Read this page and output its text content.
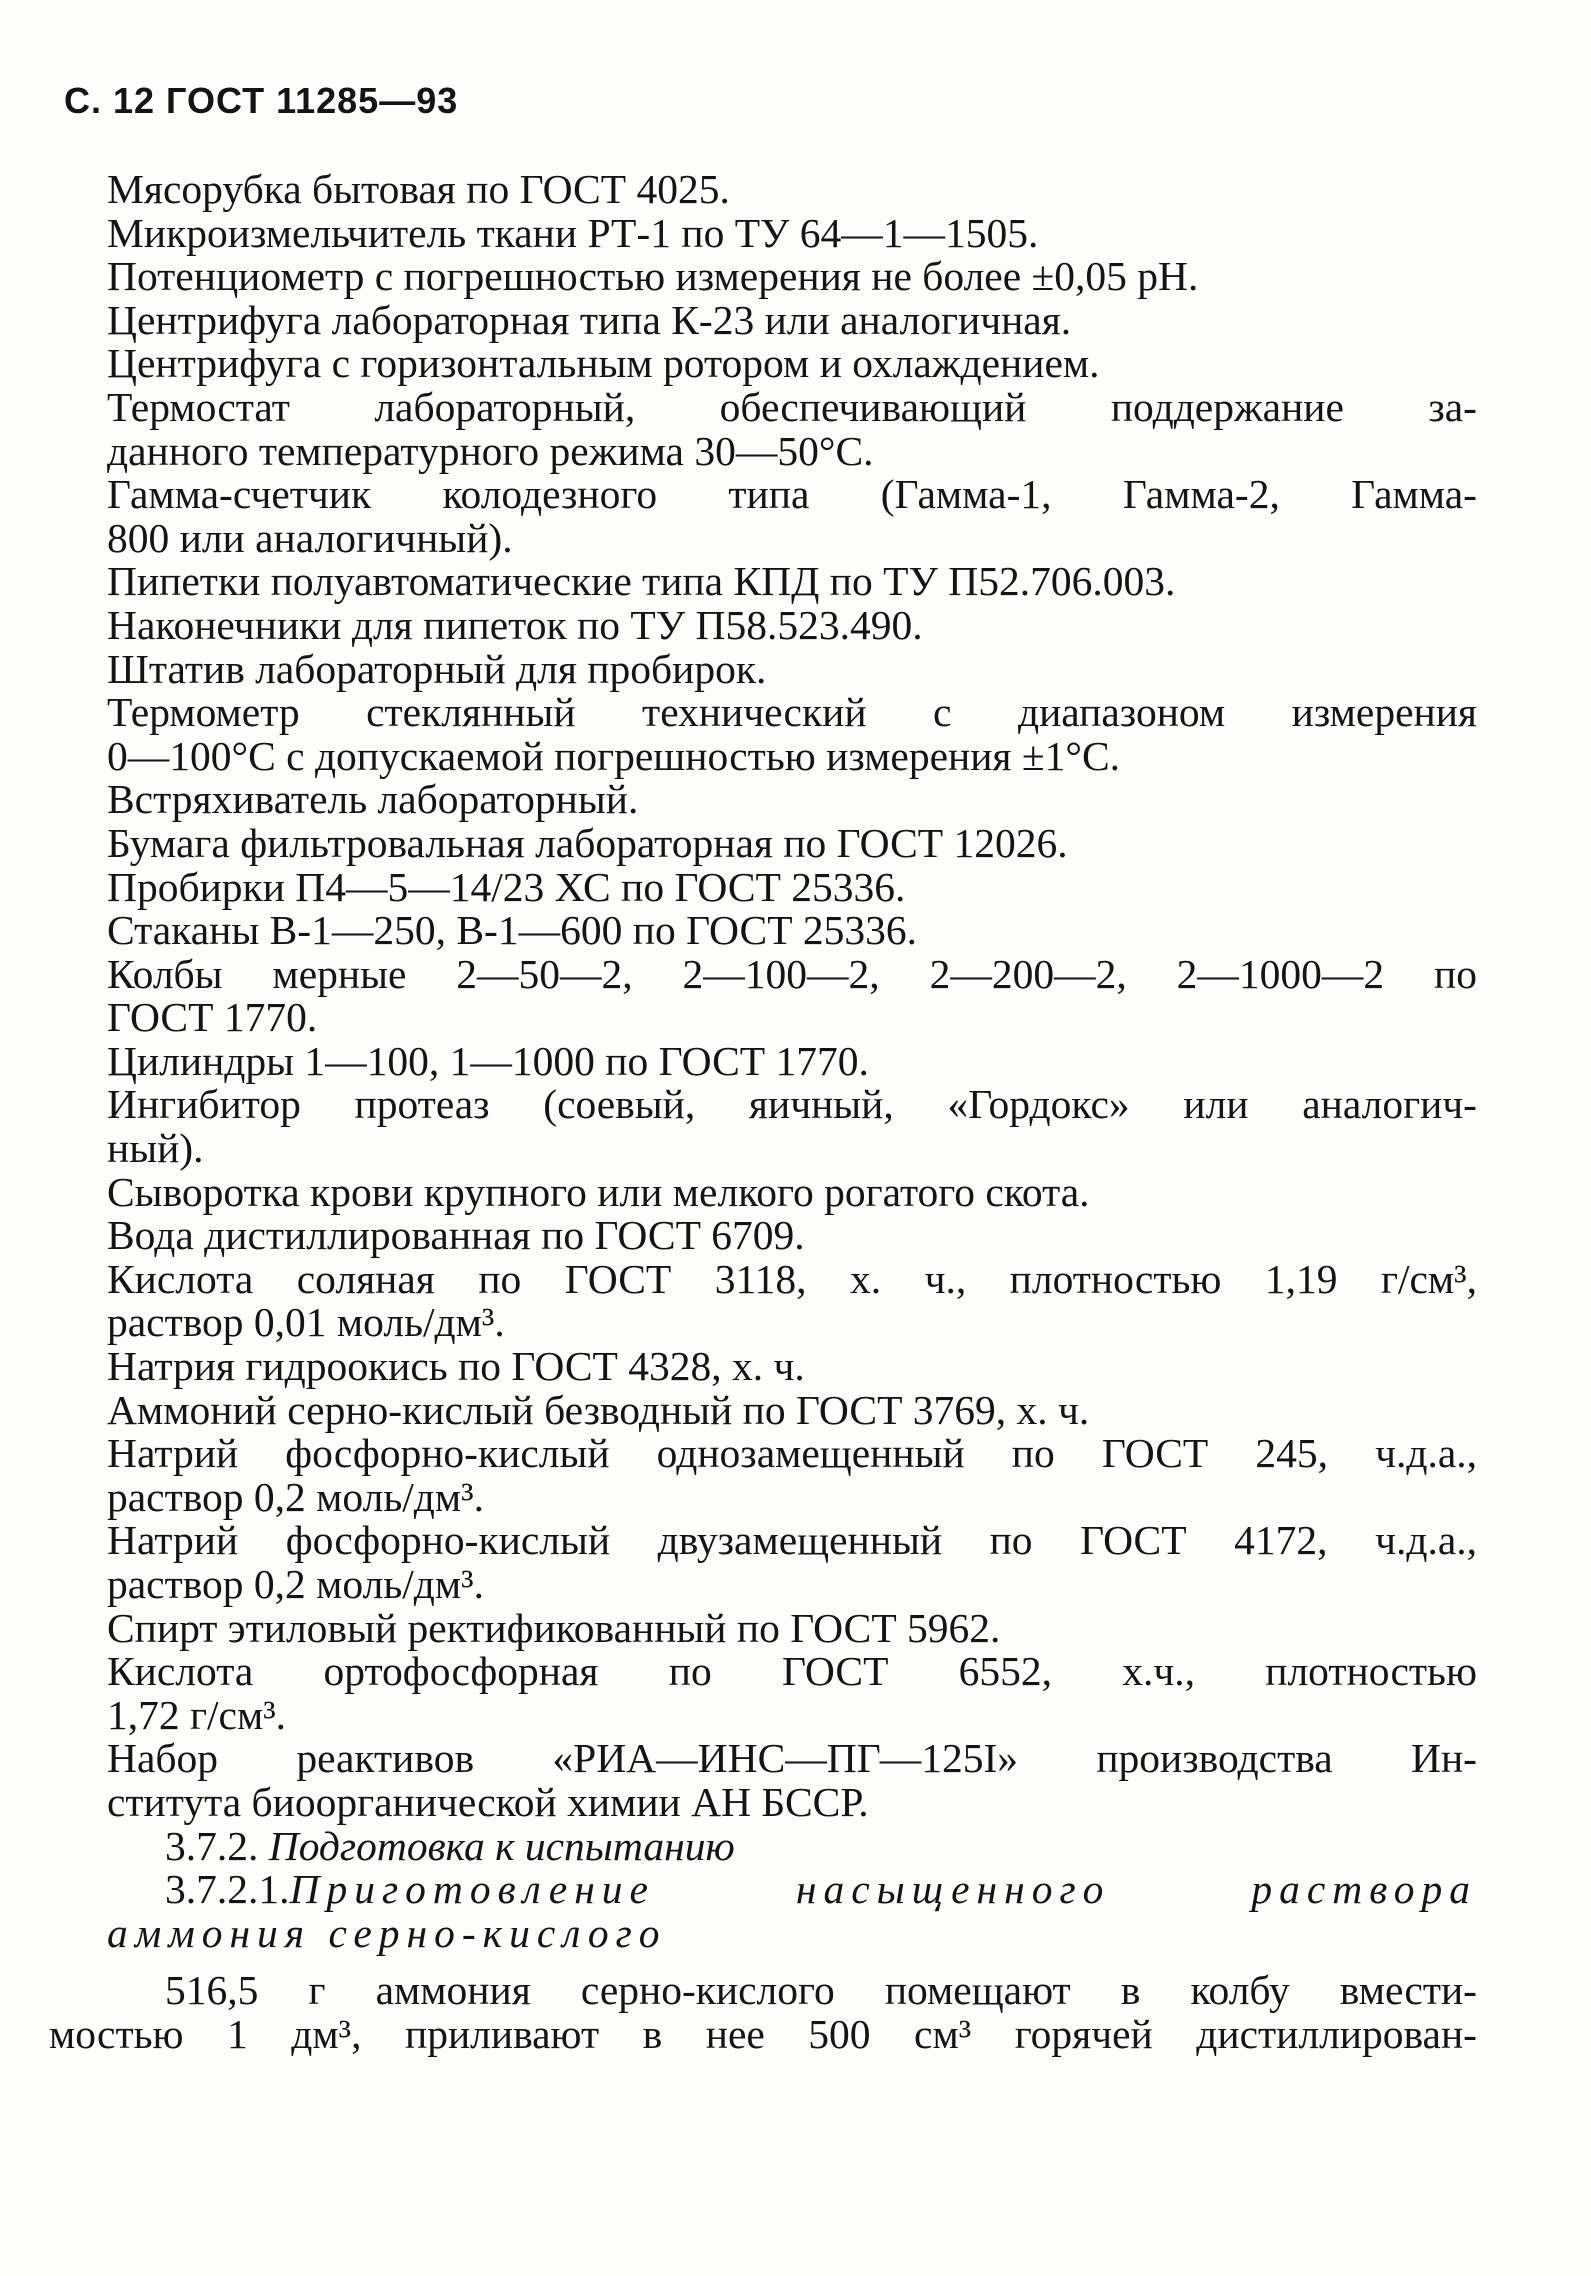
С. 12 ГОСТ 11285—93
Мясорубка бытовая по ГОСТ 4025.
Микроизмельчитель ткани РТ-1 по ТУ 64—1—1505.
Потенциометр с погрешностью измерения не более ±0,05 рН.
Центрифуга лабораторная типа К-23 или аналогичная.
Центрифуга с горизонтальным ротором и охлаждением.
Термостат лабораторный, обеспечивающий поддержание за-
данного температурного режима 30—50°С.
Гамма-счетчик колодезного типа (Гамма-1, Гамма-2, Гамма-
800 или аналогичный).
Пипетки полуавтоматические типа КПД по ТУ П52.706.003.
Наконечники для пипеток по ТУ П58.523.490.
Штатив лабораторный для пробирок.
Термометр стеклянный технический с диапазоном измерения
0—100°С с допускаемой погрешностью измерения ±1°С.
Встряхиватель лабораторный.
Бумага фильтровальная лабораторная по ГОСТ 12026.
Пробирки П4—5—14/23 ХС по ГОСТ 25336.
Стаканы В-1—250, В-1—600 по ГОСТ 25336.
Колбы мерные 2—50—2, 2—100—2, 2—200—2, 2—1000—2 по
ГОСТ 1770.
Цилиндры 1—100, 1—1000 по ГОСТ 1770.
Ингибитор протеаз (соевый, яичный, «Гордокс» или аналогич-
ный).
Сыворотка крови крупного или мелкого рогатого скота.
Вода дистиллированная по ГОСТ 6709.
Кислота соляная по ГОСТ 3118, х. ч., плотностью 1,19 г/см³,
раствор 0,01 моль/дм³.
Натрия гидроокись по ГОСТ 4328, х. ч.
Аммоний серно-кислый безводный по ГОСТ 3769, х. ч.
Натрий фосфорно-кислый однозамещенный по ГОСТ 245, ч.д.а.,
раствор 0,2 моль/дм³.
Натрий фосфорно-кислый двузамещенный по ГОСТ 4172, ч.д.а.,
раствор 0,2 моль/дм³.
Спирт этиловый ректификованный по ГОСТ 5962.
Кислота ортофосфорная по ГОСТ 6552, х.ч., плотностью
1,72 г/см³.
Набор реактивов «РИА—ИНС—ПГ—125I» производства Ин-
ститута биоорганической химии АН БССР.

3.7.2. Подготовка к испытанию

3.7.2.1.Приготовление насыщенного раствора
аммония серно-кислого
516,5 г аммония серно-кислого помещают в колбу вмести-
мостью 1 дм³, приливают в нее 500 см³ горячей дистиллирован-
